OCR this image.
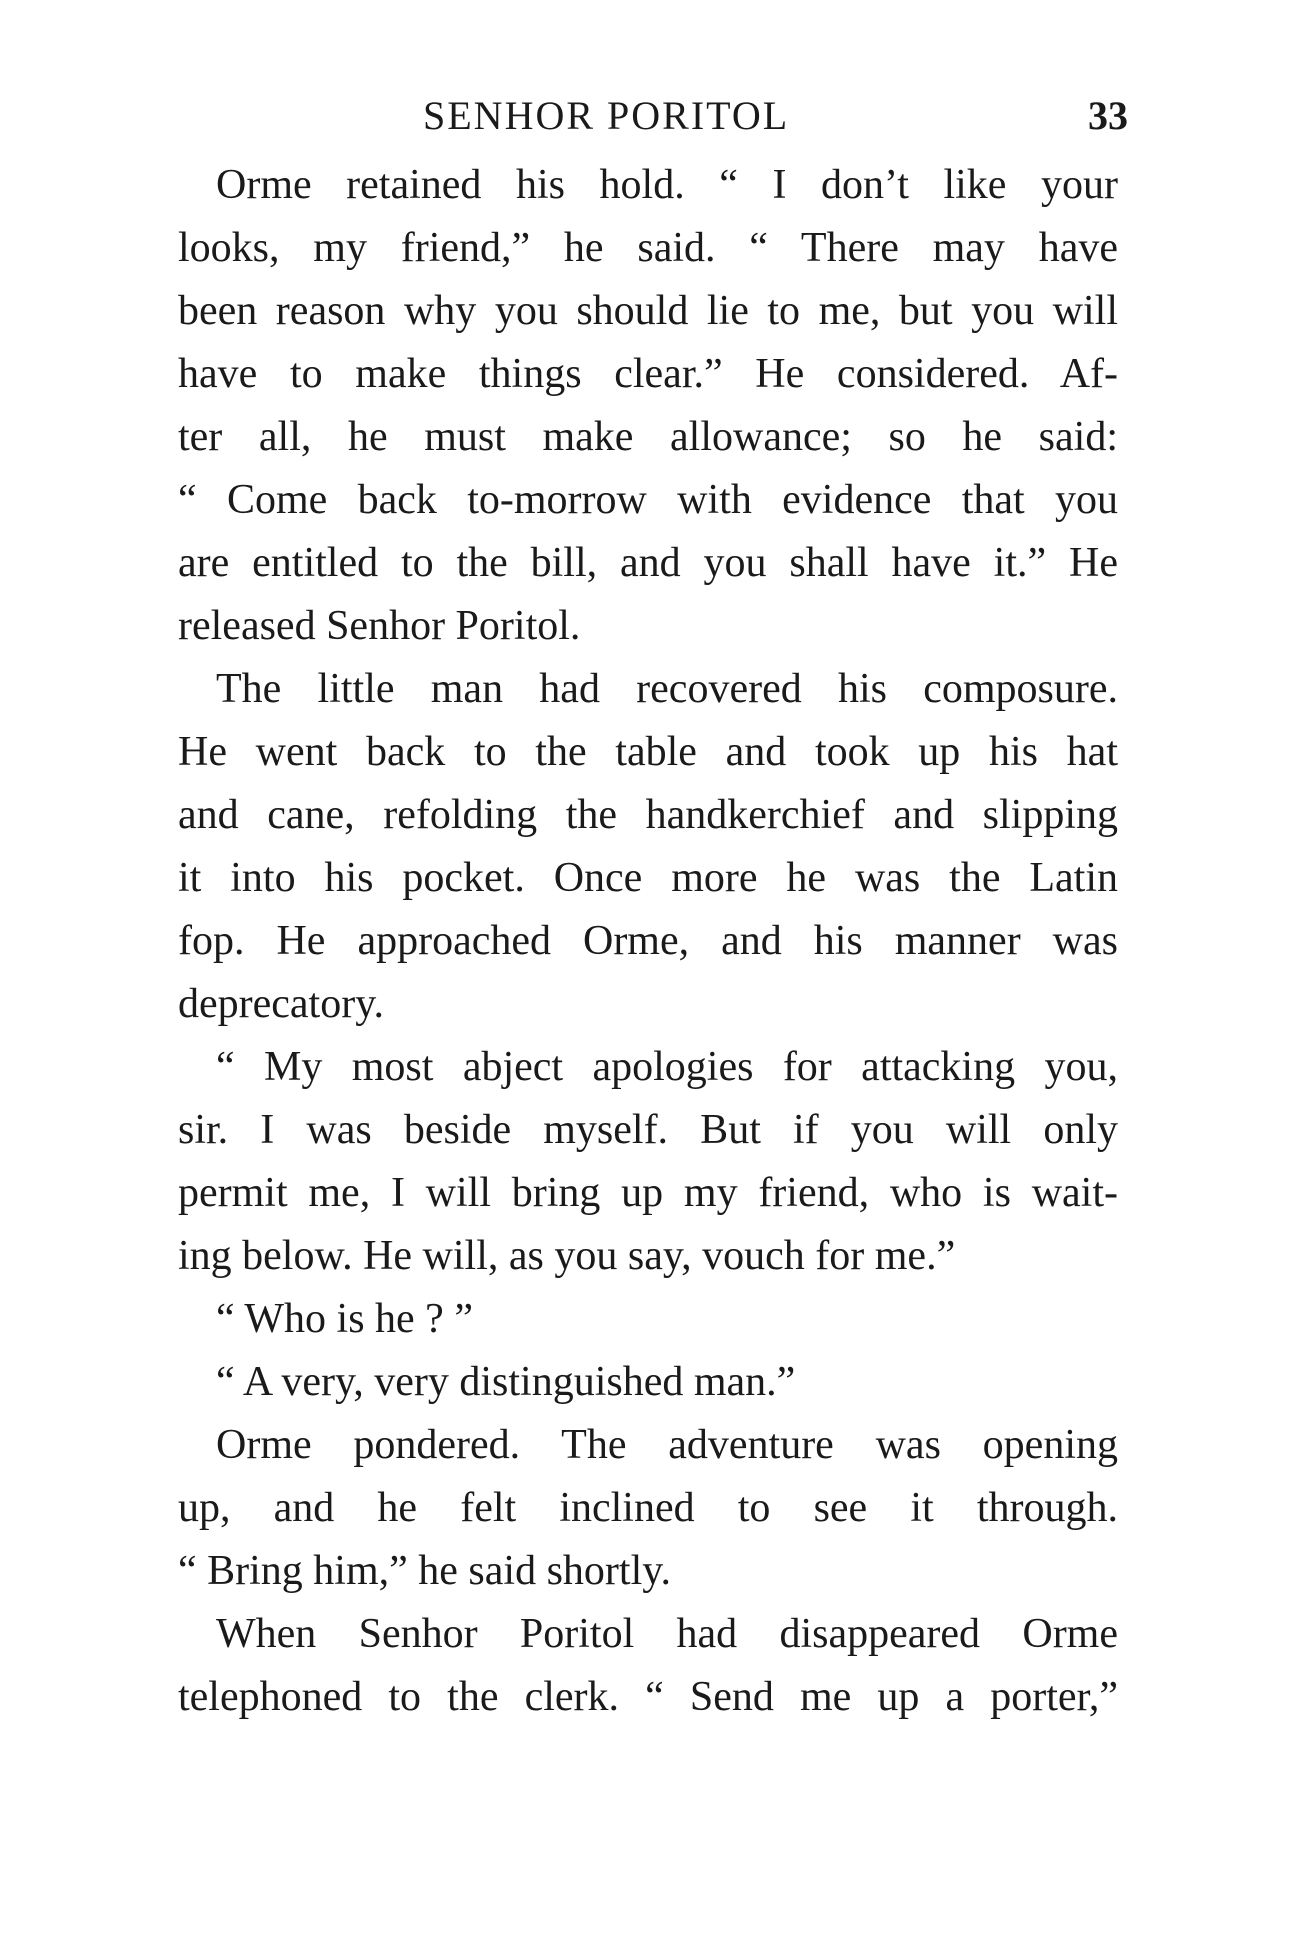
SENHOR PORITOL	33
Orme retained his hold. “ I don’t like your
looks, my friend,” he said. “ There may have
been reason why you should lie to me, but you will
have to make things clear.” He considered. Af-
ter all, he must make allowance; so he said:
“ Come back to-morrow with evidence that you
are entitled to the bill, and you shall have it.” He
released Senhor Poritol.
The little man had recovered his composure.
He went back to the table and took up his hat
and cane, refolding the handkerchief and slipping
it into his pocket. Once more he was the Latin
fop. He approached Orme, and his manner was
deprecatory.
“ My most abject apologies for attacking you,
sir. I was beside myself. But if you will only
permit me, I will bring up my friend, who is wait-
ing below. He will, as you say, vouch for me.”
“ Who is he ? ”
“ A very, very distinguished man.”
Orme pondered. The adventure was opening
up, and he felt inclined to see it through.
“ Bring him,” he said shortly.
When Senhor Poritol had disappeared Orme
telephoned to the clerk. “ Send me up a porter,”
